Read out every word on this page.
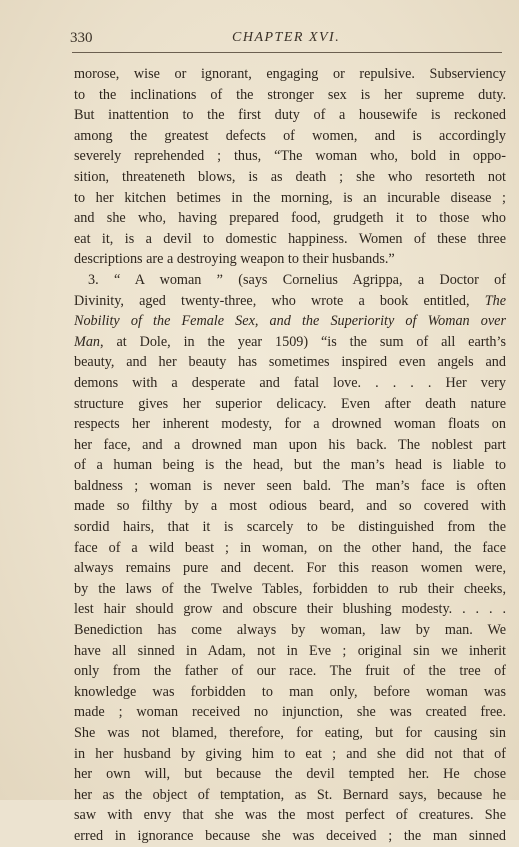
330	CHAPTER XVI.
morose, wise or ignorant, engaging or repulsive. Subserviency
to the inclinations of the stronger sex is her supreme duty.
But inattention to the first duty of a housewife is reckoned
among the greatest defects of women, and is accordingly
severely reprehended ; thus, “The woman who, bold in oppo-
sition, threateneth blows, is as death ; she who resorteth not
to her kitchen betimes in the morning, is an incurable disease ;
and she who, having prepared food, grudgeth it to those who
eat it, is a devil to domestic happiness. Women of these three
descriptions are a destroying weapon to their husbands.”
3. “ A woman ” (says Cornelius Agrippa, a Doctor of
Divinity, aged twenty-three, who wrote a book entitled, The
Nobility of the Female Sex, and the Superiority of Woman over
Man, at Dole, in the year 1509) “is the sum of all earth’s
beauty, and her beauty has sometimes inspired even angels and
demons with a desperate and fatal love. . . . . Her very
structure gives her superior delicacy. Even after death nature
respects her inherent modesty, for a drowned woman floats on
her face, and a drowned man upon his back. The noblest part
of a human being is the head, but the man’s head is liable to
baldness ; woman is never seen bald. The man’s face is often
made so filthy by a most odious beard, and so covered with
sordid hairs, that it is scarcely to be distinguished from the
face of a wild beast ; in woman, on the other hand, the face
always remains pure and decent. For this reason women were,
by the laws of the Twelve Tables, forbidden to rub their cheeks,
lest hair should grow and obscure their blushing modesty. . . . .
Benediction has come always by woman, law by man. We
have all sinned in Adam, not in Eve ; original sin we inherit
only from the father of our race. The fruit of the tree of
knowledge was forbidden to man only, before woman was
made ; woman received no injunction, she was created free.
She was not blamed, therefore, for eating, but for causing sin
in her husband by giving him to eat ; and she did not that of
her own will, but because the devil tempted her. He chose
her as the object of temptation, as St. Bernard says, because he
saw with envy that she was the most perfect of creatures. She
erred in ignorance because she was deceived ; the man sinned
